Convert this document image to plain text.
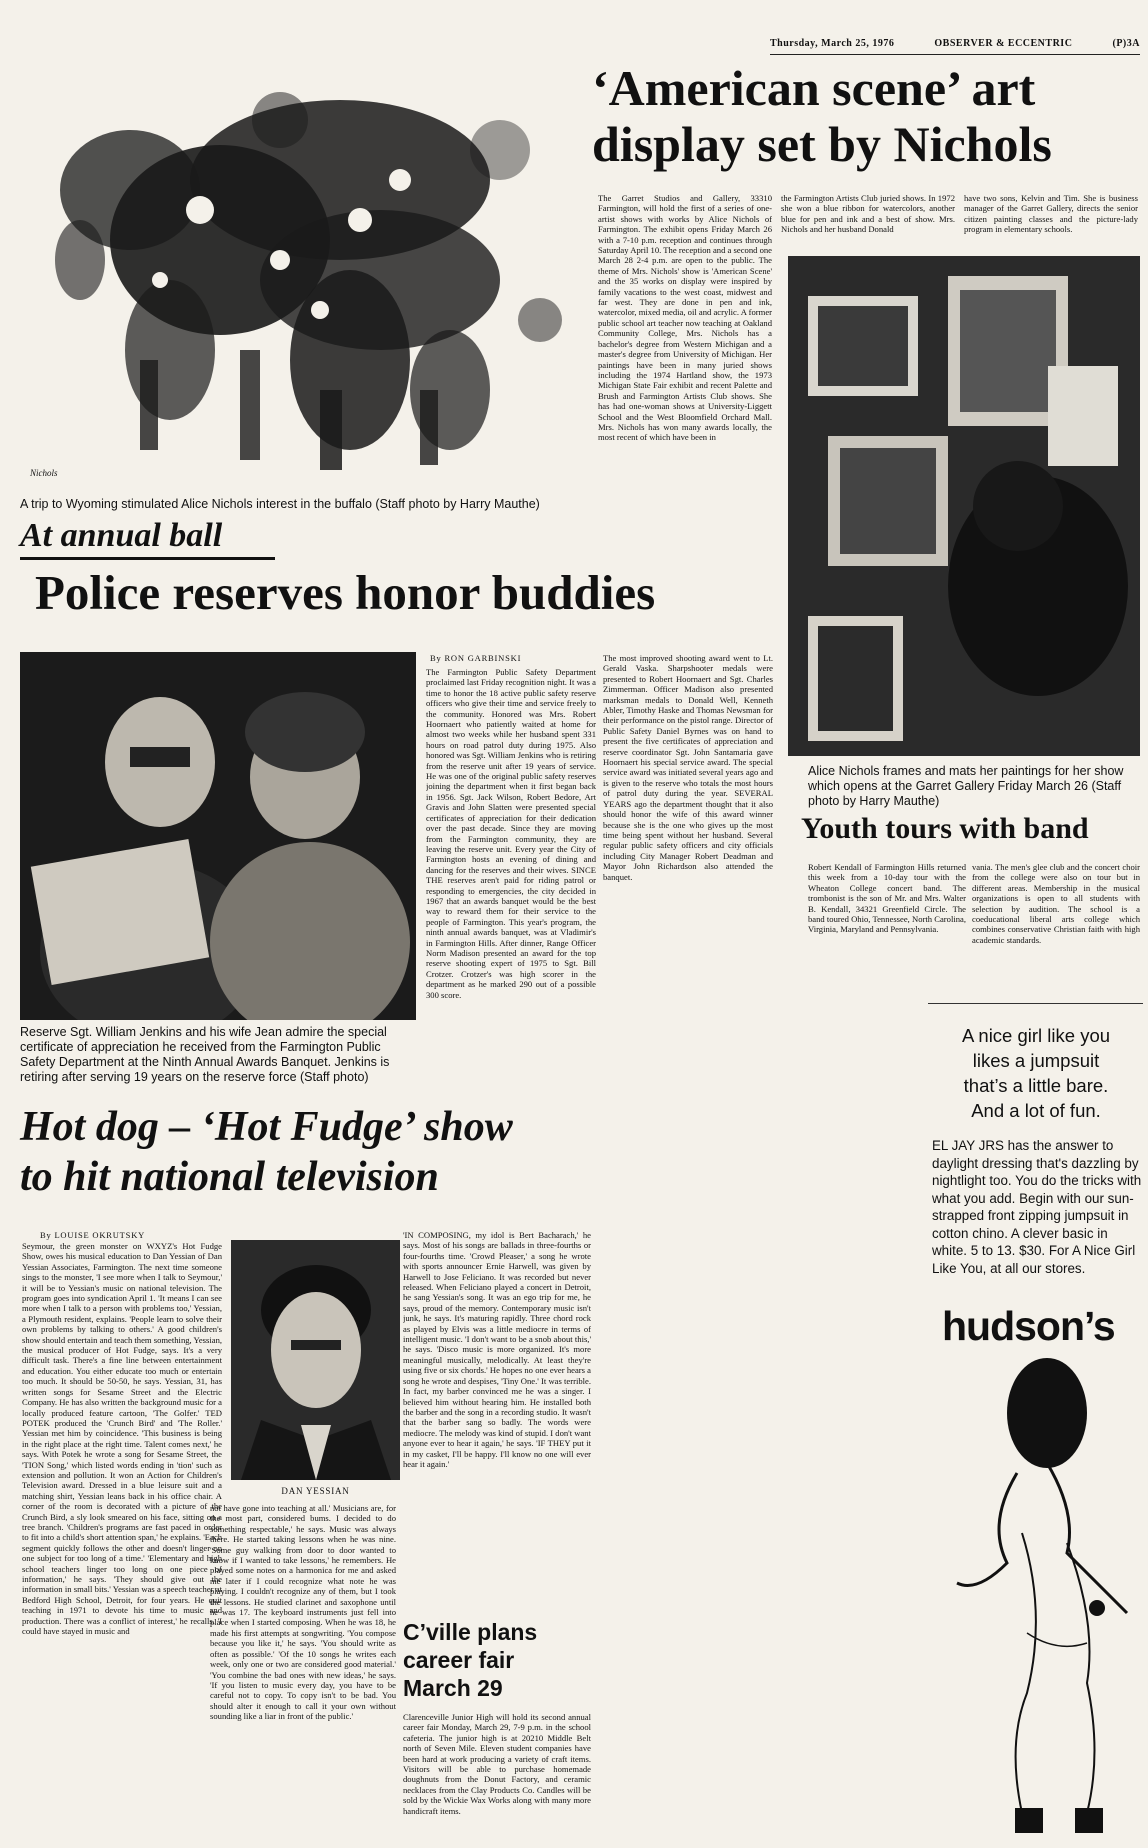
Thursday, March 25, 1976	OBSERVER & ECCENTRIC	(P)3A
Nichols
A trip to Wyoming stimulated Alice Nichols interest in the buffalo (Staff photo by Harry Mauthe)
‘American scene’ art
display set by Nichols
The Garret Studios and Gallery, 33310 Farmington, will hold the first of a series of one-artist shows with works by Alice Nichols of Farmington. The exhibit opens Friday March 26 with a 7-10 p.m. reception and continues through Saturday April 10. The reception and a second one March 28 2-4 p.m. are open to the public. The theme of Mrs. Nichols' show is 'American Scene' and the 35 works on display were inspired by family vacations to the west coast, midwest and far west. They are done in pen and ink, watercolor, mixed media, oil and acrylic. A former public school art teacher now teaching at Oakland Community College, Mrs. Nichols has a bachelor's degree from Western Michigan and a master's degree from University of Michigan. Her paintings have been in many juried shows including the 1974 Hartland show, the 1973 Michigan State Fair exhibit and recent Palette and Brush and Farmington Artists Club shows. She has had one-woman shows at University-Liggett School and the West Bloomfield Orchard Mall. Mrs. Nichols has won many awards locally, the most recent of which have been in
the Farmington Artists Club juried shows. In 1972 she won a blue ribbon for watercolors, another blue for pen and ink and a best of show. Mrs. Nichols and her husband Donald
have two sons, Kelvin and Tim. She is business manager of the Garret Gallery, directs the senior citizen painting classes and the picture-lady program in elementary schools.
Alice Nichols frames and mats her paintings for her show which opens at the Garret Gallery Friday March 26 (Staff photo by Harry Mauthe)
At annual ball
Police reserves honor buddies
Reserve Sgt. William Jenkins and his wife Jean admire the special certificate of appreciation he received from the Farmington Public Safety Department at the Ninth Annual Awards Banquet. Jenkins is retiring after serving 19 years on the reserve force (Staff photo)
By RON GARBINSKI
The Farmington Public Safety Department proclaimed last Friday recognition night. It was a time to honor the 18 active public safety reserve officers who give their time and service freely to the community. Honored was Mrs. Robert Hoornaert who patiently waited at home for almost two weeks while her husband spent 331 hours on road patrol duty during 1975. Also honored was Sgt. William Jenkins who is retiring from the reserve unit after 19 years of service. He was one of the original public safety reserves joining the department when it first began back in 1956. Sgt. Jack Wilson, Robert Bedore, Art Gravis and John Slatten were presented special certificates of appreciation for their dedication over the past decade. Since they are moving from the Farmington community, they are leaving the reserve unit. Every year the City of Farmington hosts an evening of dining and dancing for the reserves and their wives. SINCE THE reserves aren't paid for riding patrol or responding to emergencies, the city decided in 1967 that an awards banquet would be the best way to reward them for their service to the people of Farmington. This year's program, the ninth annual awards banquet, was at Vladimir's in Farmington Hills. After dinner, Range Officer Norm Madison presented an award for the top reserve shooting expert of 1975 to Sgt. Bill Crotzer. Crotzer's was high scorer in the department as he marked 290 out of a possible 300 score.
The most improved shooting award went to Lt. Gerald Vaska. Sharpshooter medals were presented to Robert Hoornaert and Sgt. Charles Zimmerman. Officer Madison also presented marksman medals to Donald Well, Kenneth Abler, Timothy Haske and Thomas Newsman for their performance on the pistol range. Director of Public Safety Daniel Byrnes was on hand to present the five certificates of appreciation and reserve coordinator Sgt. John Santamaria gave Hoornaert his special service award. The special service award was initiated several years ago and is given to the reserve who totals the most hours of patrol duty during the year. SEVERAL YEARS ago the department thought that it also should honor the wife of this award winner because she is the one who gives up the most time being spent without her husband. Several regular public safety officers and city officials including City Manager Robert Deadman and Mayor John Richardson also attended the banquet.
Youth tours with band
Robert Kendall of Farmington Hills returned this week from a 10-day tour with the Wheaton College concert band. The trombonist is the son of Mr. and Mrs. Walter B. Kendall, 34321 Greenfield Circle. The band toured Ohio, Tennessee, North Carolina, Virginia, Maryland and Pennsylvania.
vania. The men's glee club and the concert choir from the college were also on tour but in different areas. Membership in the musical organizations is open to all students with selection by audition. The school is a coeducational liberal arts college which combines conservative Christian faith with high academic standards.
Hot dog – ‘Hot Fudge’ show
to hit national television
By LOUISE OKRUTSKY
DAN YESSIAN
Seymour, the green monster on WXYZ's Hot Fudge Show, owes his musical education to Dan Yessian of Dan Yessian Associates, Farmington. The next time someone sings to the monster, 'I see more when I talk to Seymour,' it will be to Yessian's music on national television. The program goes into syndication April 1. 'It means I can see more when I talk to a person with problems too,' Yessian, a Plymouth resident, explains. 'People learn to solve their own problems by talking to others.' A good children's show should entertain and teach them something, Yessian, the musical producer of Hot Fudge, says. It's a very difficult task. There's a fine line between entertainment and education. You either educate too much or entertain too much. It should be 50-50, he says. Yessian, 31, has written songs for Sesame Street and the Electric Company. He has also written the background music for a locally produced feature cartoon, 'The Golfer.' TED POTEK produced the 'Crunch Bird' and 'The Roller.' Yessian met him by coincidence. 'This business is being in the right place at the right time. Talent comes next,' he says. With Potek he wrote a song for Sesame Street, the 'TION Song,' which listed words ending in 'tion' such as extension and pollution. It won an Action for Children's Television award. Dressed in a blue leisure suit and a matching shirt, Yessian leans back in his office chair. A corner of the room is decorated with a picture of the Crunch Bird, a sly look smeared on his face, sitting on a tree branch. 'Children's programs are fast paced in order to fit into a child's short attention span,' he explains. 'Each segment quickly follows the other and doesn't linger on one subject for too long of a time.' 'Elementary and high school teachers linger too long on one piece of information,' he says. 'They should give out the information in small bits.' Yessian was a speech teacher at Bedford High School, Detroit, for four years. He quit teaching in 1971 to devote his time to music and production. There was a conflict of interest,' he recalls. 'I could have stayed in music and
not have gone into teaching at all.' Musicians are, for the most part, considered bums. I decided to do something respectable,' he says. Music was always there. He started taking lessons when he was nine. 'Some guy walking from door to door wanted to know if I wanted to take lessons,' he remembers. He played some notes on a harmonica for me and asked me later if I could recognize what note he was playing. I couldn't recognize any of them, but I took the lessons. He studied clarinet and saxophone until he was 17. The keyboard instruments just fell into place when I started composing. When he was 18, he made his first attempts at songwriting. 'You compose because you like it,' he says. 'You should write as often as possible.' 'Of the 10 songs he writes each week, only one or two are considered good material.' 'You combine the bad ones with new ideas,' he says. 'If you listen to music every day, you have to be careful not to copy. To copy isn't to be bad. You should alter it enough to call it your own without sounding like a liar in front of the public.'
'IN COMPOSING, my idol is Bert Bacharach,' he says. Most of his songs are ballads in three-fourths or four-fourths time. 'Crowd Pleaser,' a song he wrote with sports announcer Ernie Harwell, was given by Harwell to Jose Feliciano. It was recorded but never released. When Feliciano played a concert in Detroit, he sang Yessian's song. It was an ego trip for me, he says, proud of the memory. Contemporary music isn't junk, he says. It's maturing rapidly. Three chord rock as played by Elvis was a little mediocre in terms of intelligent music. 'I don't want to be a snob about this,' he says. 'Disco music is more organized. It's more meaningful musically, melodically. At least they're using five or six chords.' He hopes no one ever hears a song he wrote and despises, 'Tiny One.' It was terrible. In fact, my barber convinced me he was a singer. I believed him without hearing him. He installed both the barber and the song in a recording studio. It wasn't that the barber sang so badly. The words were mediocre. The melody was kind of stupid. I don't want anyone ever to hear it again,' he says. 'IF THEY put it in my casket, I'll be happy. I'll know no one will ever hear it again.'
C’ville plans
career fair
March 29
Clarenceville Junior High will hold its second annual career fair Monday, March 29, 7-9 p.m. in the school cafeteria. The junior high is at 20210 Middle Belt north of Seven Mile. Eleven student companies have been hard at work producing a variety of craft items. Visitors will be able to purchase homemade doughnuts from the Donut Factory, and ceramic necklaces from the Clay Products Co. Candles will be sold by the Wickie Wax Works along with many more handicraft items.
A nice girl like you
likes a jumpsuit
that’s a little bare.
And a lot of fun.
EL JAY JRS has the answer to daylight dressing that's dazzling by nightlight too. You do the tricks with what you add. Begin with our sun-strapped front zipping jumpsuit in cotton chino. A clever basic in white. 5 to 13. $30. For A Nice Girl Like You, at all our stores.
hudson’s
